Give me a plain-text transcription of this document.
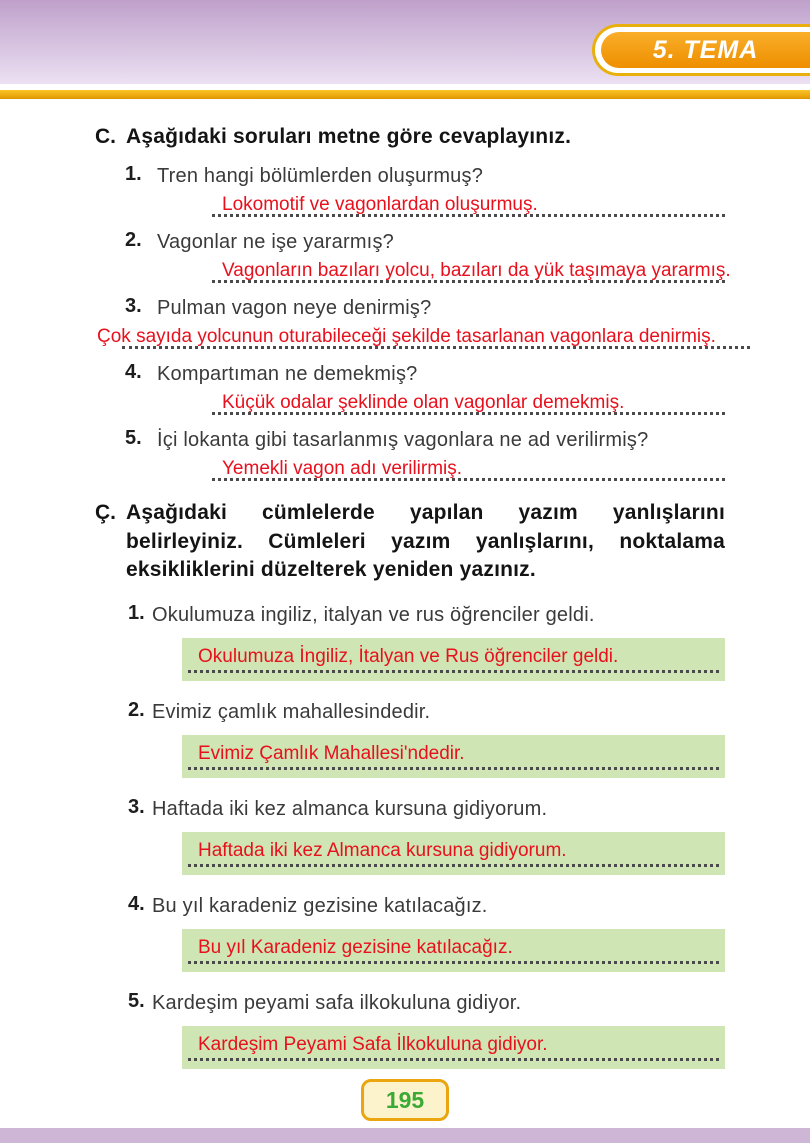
5. TEMA
C. Aşağıdaki soruları metne göre cevaplayınız.
1. Tren hangi bölümlerden oluşurmuş?
Lokomotif ve vagonlardan oluşurmuş.
2. Vagonlar ne işe yararmış?
Vagonların bazıları yolcu, bazıları da yük taşımaya yararmış.
3. Pulman vagon neye denirmiş?
Çok sayıda yolcunun oturabileceği şekilde tasarlanan vagonlara denirmiş.
4. Kompartıman ne demekmiş?
Küçük odalar şeklinde olan vagonlar demekmiş.
5. İçi lokanta gibi tasarlanmış vagonlara ne ad verilirmiş?
Yemekli vagon adı verilirmiş.
Ç. Aşağıdaki cümlelerde yapılan yazım yanlışlarını belirleyiniz. Cümleleri yazım yanlışlarını, noktalama eksikliklerini düzelterek yeniden yazınız.
1. Okulumuza ingiliz, italyan ve rus öğrenciler geldi.
Okulumuza İngiliz, İtalyan ve Rus öğrenciler geldi.
2. Evimiz çamlık mahallesindedir.
Evimiz Çamlık Mahallesi'ndedir.
3. Haftada iki kez almanca kursuna gidiyorum.
Haftada iki kez Almanca kursuna gidiyorum.
4. Bu yıl karadeniz gezisine katılacağız.
Bu yıl Karadeniz gezisine katılacağız.
5. Kardeşim peyami safa ilkokuluna gidiyor.
Kardeşim Peyami Safa İlkokuluna gidiyor.
195
